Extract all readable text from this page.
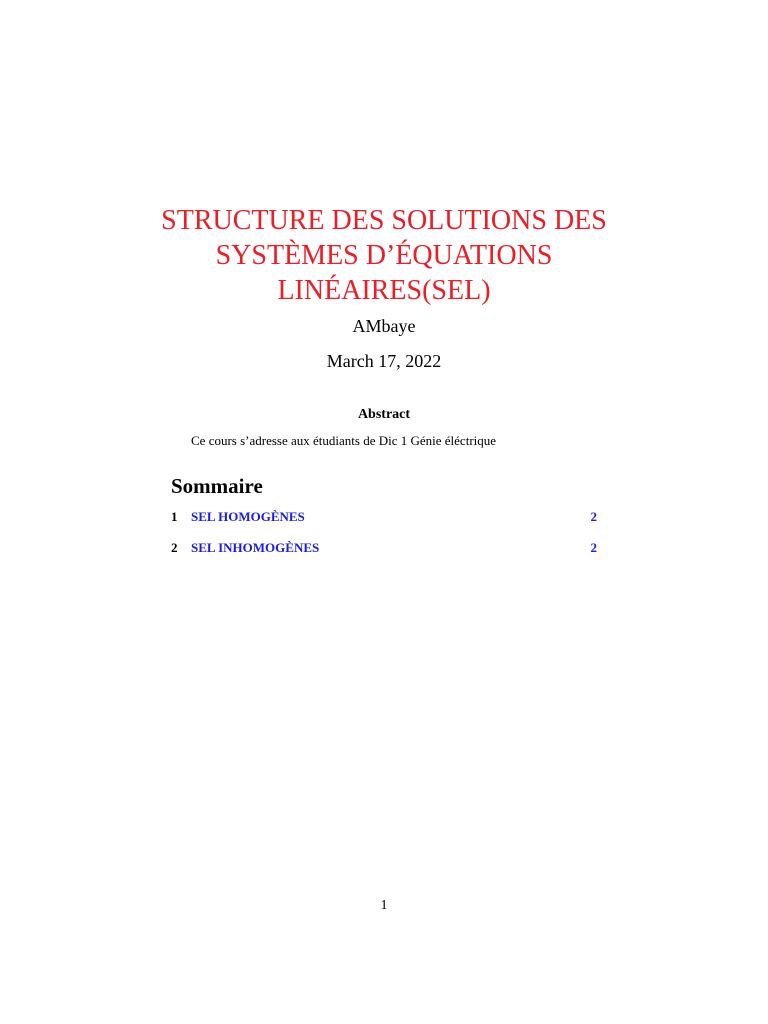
STRUCTURE DES SOLUTIONS DES
SYSTÈMES D’ÉQUATIONS
LINÉAIRES(SEL)
AMbaye
March 17, 2022
Abstract
Ce cours s’adresse aux étudiants de Dic 1 Génie éléctrique
Sommaire
1 SEL HOMOGÈNES	2
2 SEL INHOMOGÈNES	2
1
